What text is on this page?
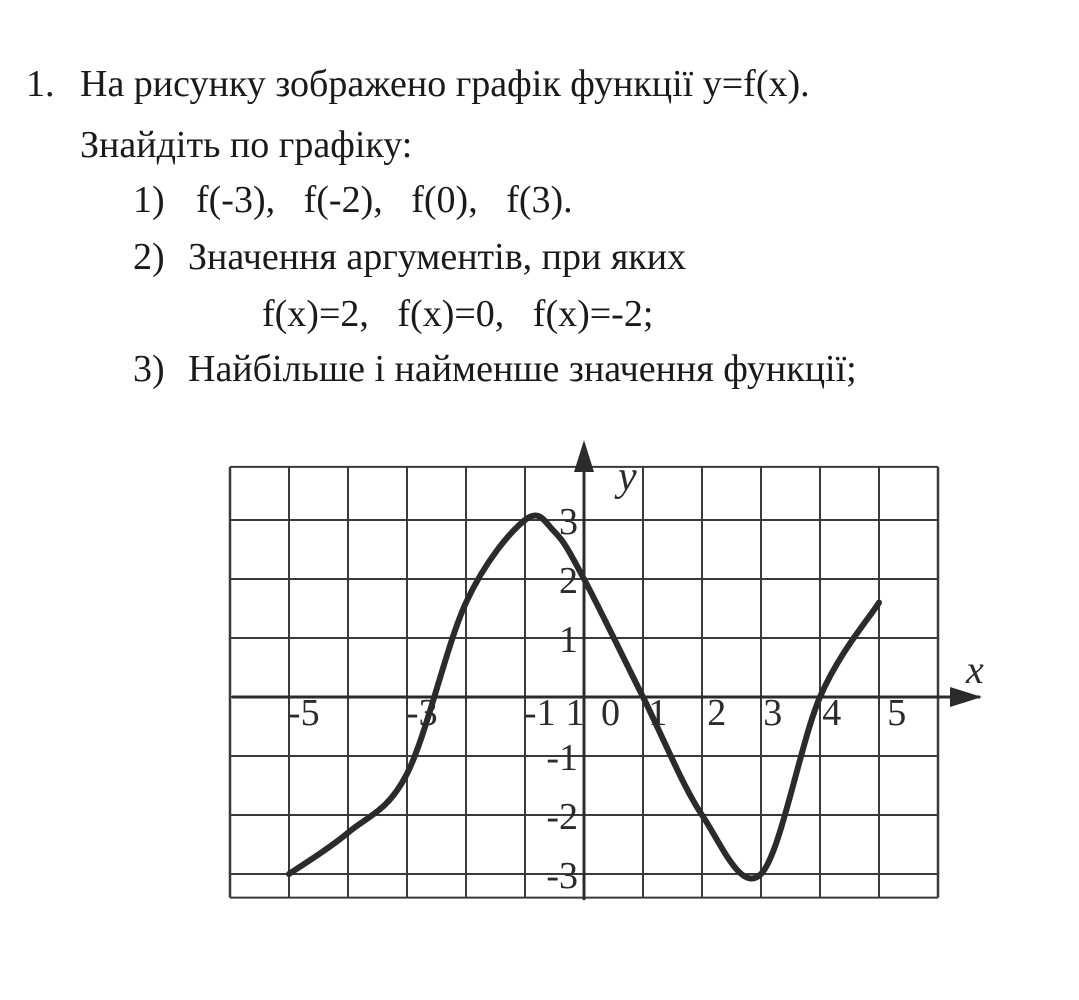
1. На рисунку зображено графік функції y=f(x).
Знайдіть по графіку:
1) f(-3),   f(-2),   f(0),   f(3).
2) Значення аргументів, при яких
f(x)=2,   f(x)=0,   f(x)=-2;
3) Найбільше і найменше значення функції;
x
y
-5 -3 -1 1 0 1 2 3 4 5
3
2
1
-1
-2
-3
